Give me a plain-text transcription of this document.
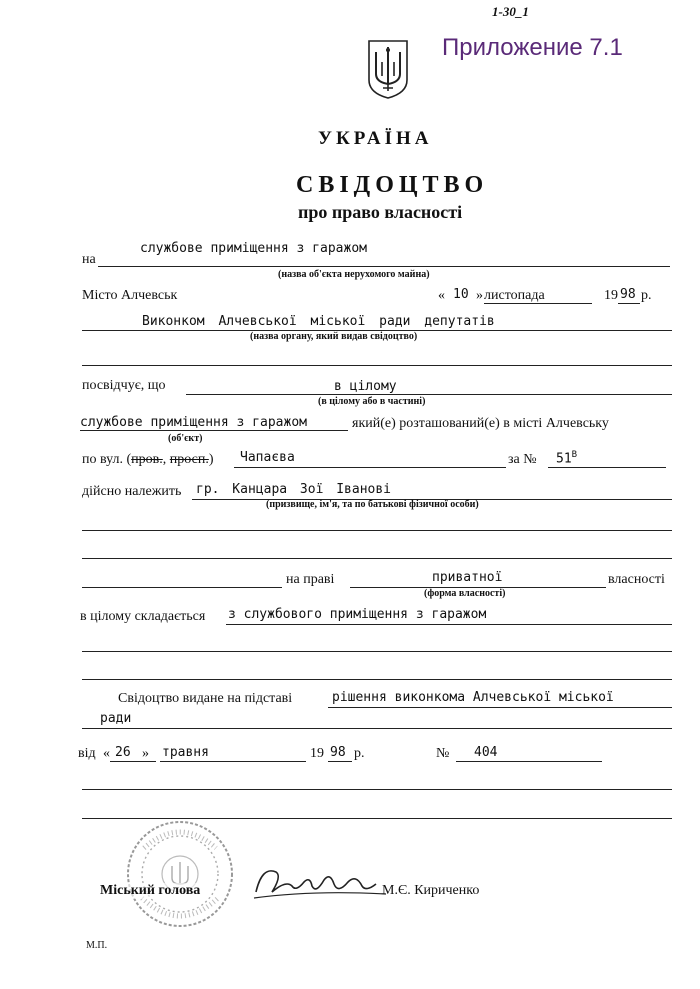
1-30_1
Приложение 7.1
УКРАЇНА
СВІДОЦТВО
про право власності
на
службове приміщення з гаражом
(назва об'єкта нерухомого майна)
Місто Алчевськ	« 10 » листопада	19 98 р.
Виконком Алчевської міської ради депутатів
(назва органу, який видав свідоцтво)
посвідчує, що	в цілому
(в цілому або в частині)
службове приміщення з гаражом
(об'єкт)
який(е) розташований(е) в місті Алчевську
по вул. (пров., просп.) Чапаєва	за № $51^В$
дійсно належить гр. Канцара Зої Іванові
(призвище, ім'я, та по батькові фізичної особи)
на праві	приватної
(форма власності)
власності
в цілому складається з службового приміщення з гаражом
Свідоцтво видане на підставі	рішення виконкома Алчевської міської
ради
від « 26 » травня	19 98 р.	№ 404
Міський голова	М.Є. Кириченко
М.П.
